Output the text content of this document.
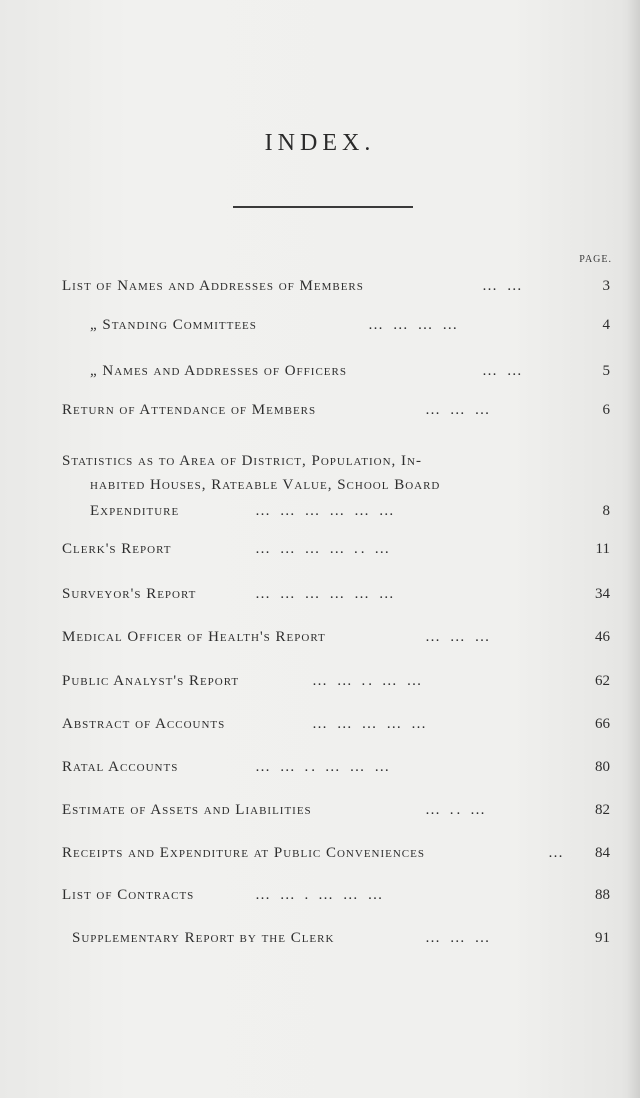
INDEX.
PAGE.
List of Names and Addresses of Members	… …	3
„ Standing Committees	… … … …	4
„ Names and Addresses of Officers	… …	5
Return of Attendance of Members	… … …	6
Statistics as to Area of District, Population, In-
habited Houses, Rateable Value, School Board
Expenditure	… … … … … …	8
Clerk's Report	… … … … .. …	11
Surveyor's Report	… … … … … …	34
Medical Officer of Health's Report	… … …	46
Public Analyst's Report	… … .. … …	62
Abstract of Accounts	… … … … …	66
Ratal Accounts	… … .. … … …	80
Estimate of Assets and Liabilities	… .. …	82
Receipts and Expenditure at Public Conveniences	…	84
List of Contracts	… … . … … …	88
Supplementary Report by the Clerk	… … …	91
